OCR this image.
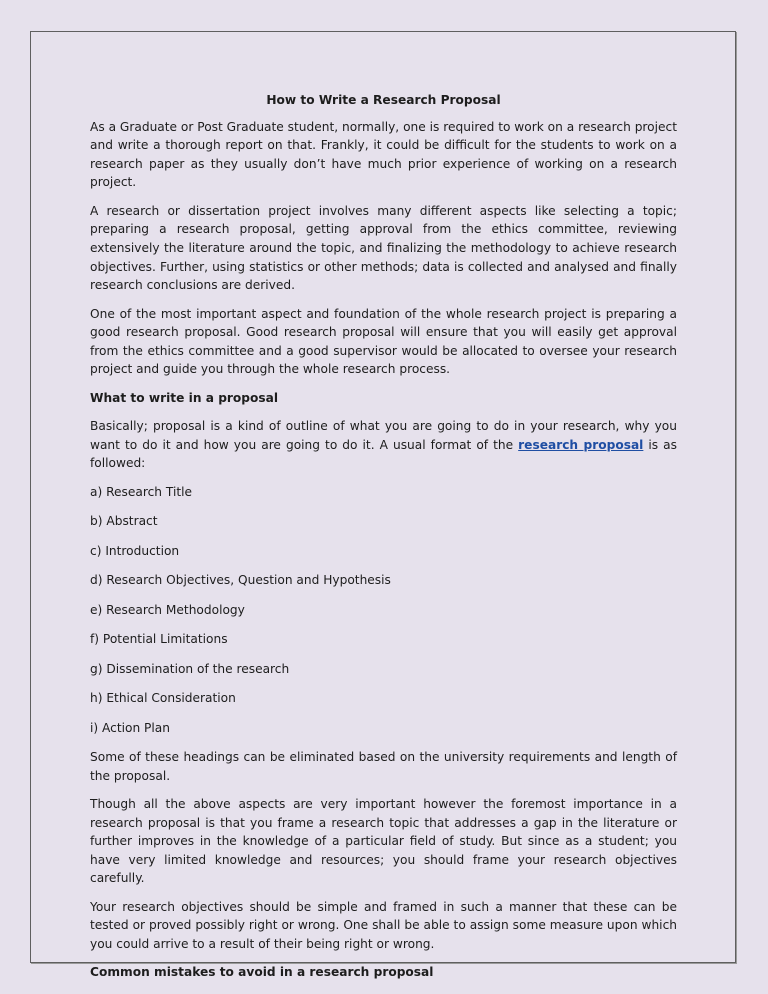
How to Write a Research Proposal

As a Graduate or Post Graduate student, normally, one is required to work on a research project and write a thorough report on that. Frankly, it could be difficult for the students to work on a research paper as they usually don’t have much prior experience of working on a research project.

A research or dissertation project involves many different aspects like selecting a topic; preparing a research proposal, getting approval from the ethics committee, reviewing extensively the literature around the topic, and finalizing the methodology to achieve research objectives. Further, using statistics or other methods; data is collected and analysed and finally research conclusions are derived.

One of the most important aspect and foundation of the whole research project is preparing a good research proposal. Good research proposal will ensure that you will easily get approval from the ethics committee and a good supervisor would be allocated to oversee your research project and guide you through the whole research process.

What to write in a proposal

Basically; proposal is a kind of outline of what you are going to do in your research, why you want to do it and how you are going to do it. A usual format of the research proposal is as followed:

a) Research Title
b) Abstract
c) Introduction
d) Research Objectives, Question and Hypothesis
e) Research Methodology
f) Potential Limitations
g) Dissemination of the research
h) Ethical Consideration
i) Action Plan

Some of these headings can be eliminated based on the university requirements and length of the proposal.

Though all the above aspects are very important however the foremost importance in a research proposal is that you frame a research topic that addresses a gap in the literature or further improves in the knowledge of a particular field of study. But since as a student; you have very limited knowledge and resources; you should frame your research objectives carefully.

Your research objectives should be simple and framed in such a manner that these can be tested or proved possibly right or wrong. One shall be able to assign some measure upon which you could arrive to a result of their being right or wrong.

Common mistakes to avoid in a research proposal
